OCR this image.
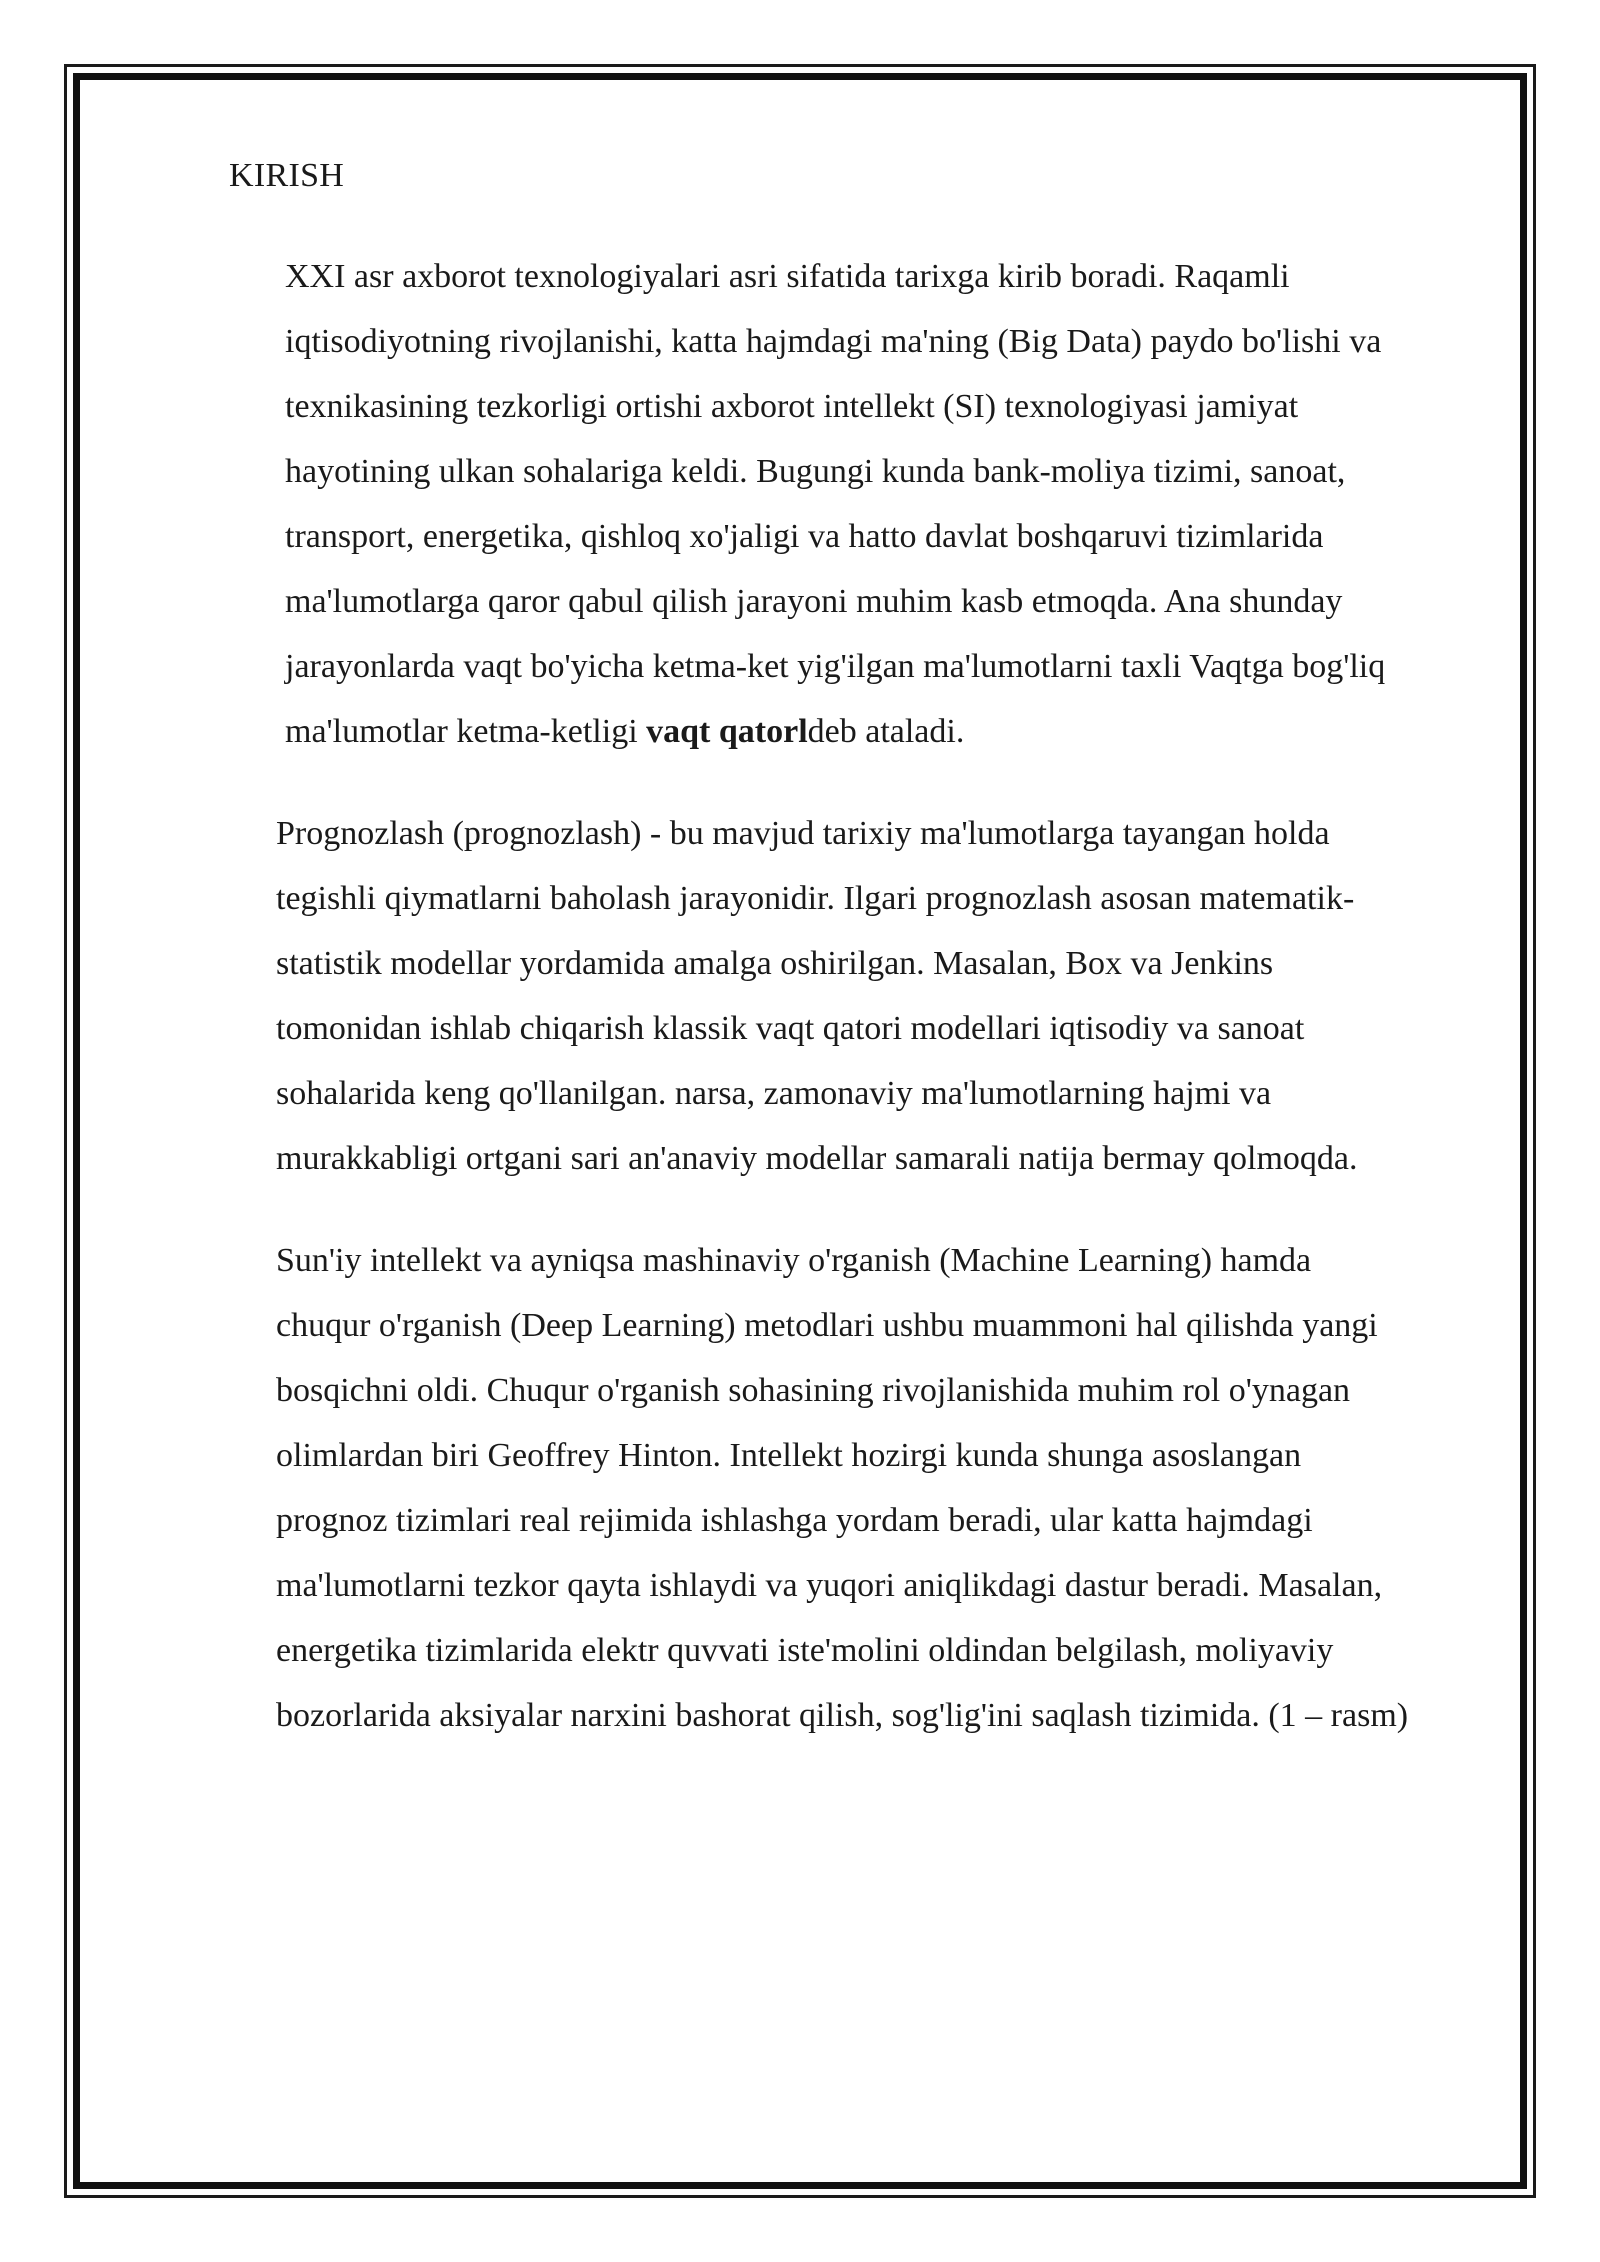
KIRISH

XXI asr axborot texnologiyalari asri sifatida tarixga kirib boradi. Raqamli
iqtisodiyotning rivojlanishi, katta hajmdagi ma'ning (Big Data) paydo bo'lishi va
texnikasining tezkorligi ortishi axborot intellekt (SI) texnologiyasi jamiyat
hayotining ulkan sohalariga keldi. Bugungi kunda bank-moliya tizimi, sanoat,
transport, energetika, qishloq xo'jaligi va hatto davlat boshqaruvi tizimlarida
ma'lumotlarga qaror qabul qilish jarayoni muhim kasb etmoqda. Ana shunday
jarayonlarda vaqt bo'yicha ketma-ket yig'ilgan ma'lumotlarni taxli Vaqtga bog'liq
ma'lumotlar ketma-ketligi vaqt qatorldeb ataladi.

Prognozlash (prognozlash) - bu mavjud tarixiy ma'lumotlarga tayangan holda
tegishli qiymatlarni baholash jarayonidir. Ilgari prognozlash asosan matematik-
statistik modellar yordamida amalga oshirilgan. Masalan, Box va Jenkins
tomonidan ishlab chiqarish klassik vaqt qatori modellari iqtisodiy va sanoat
sohalarida keng qo'llanilgan. narsa, zamonaviy ma'lumotlarning hajmi va
murakkabligi ortgani sari an'anaviy modellar samarali natija bermay qolmoqda.

Sun'iy intellekt va ayniqsa mashinaviy o'rganish (Machine Learning) hamda
chuqur o'rganish (Deep Learning) metodlari ushbu muammoni hal qilishda yangi
bosqichni oldi. Chuqur o'rganish sohasining rivojlanishida muhim rol o'ynagan
olimlardan biri Geoffrey Hinton. Intellekt hozirgi kunda shunga asoslangan
prognoz tizimlari real rejimida ishlashga yordam beradi, ular katta hajmdagi
ma'lumotlarni tezkor qayta ishlaydi va yuqori aniqlikdagi dastur beradi. Masalan,
energetika tizimlarida elektr quvvati iste'molini oldindan belgilash, moliyaviy
bozorlarida aksiyalar narxini bashorat qilish, sog'lig'ini saqlash tizimida. (1 – rasm)
